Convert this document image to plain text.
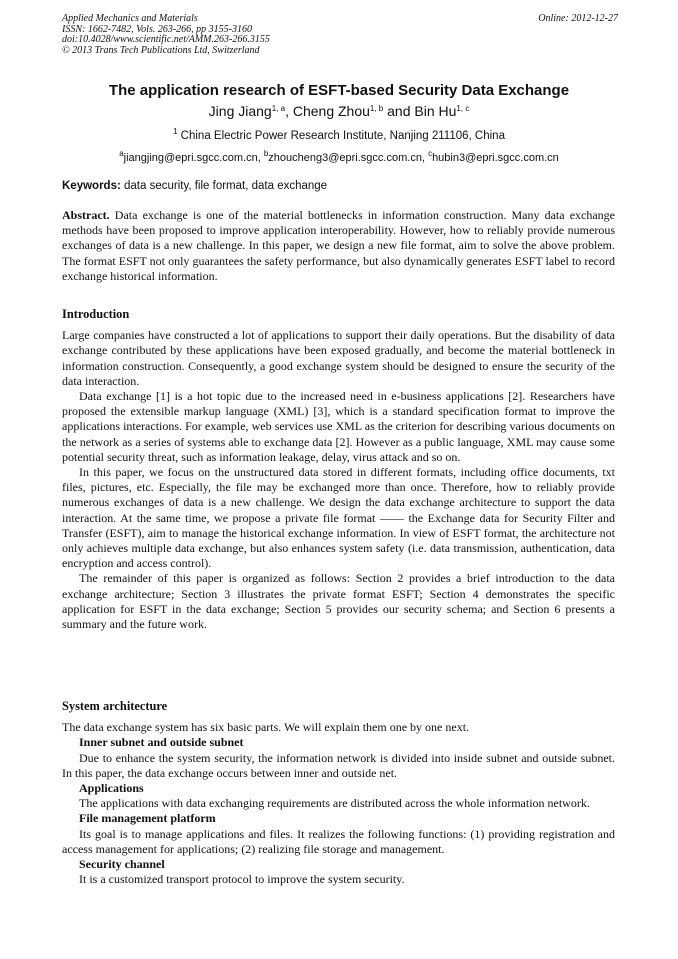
Applied Mechanics and Materials	Online: 2012-12-27
ISSN: 1662-7482, Vols. 263-266, pp 3155-3160
doi:10.4028/www.scientific.net/AMM.263-266.3155
© 2013 Trans Tech Publications Ltd, Switzerland
The application research of ESFT-based Security Data Exchange
Jing Jiang$^{1, a}$, Cheng Zhou$^{1, b}$ and Bin Hu$^{1, c}$
$^1$ China Electric Power Research Institute, Nanjing 211106, China
$^a$jiangjing@epri.sgcc.com.cn, $^b$zhoucheng3@epri.sgcc.com.cn, $^c$hubin3@epri.sgcc.com.cn
Keywords: data security, file format, data exchange

Abstract. Data exchange is one of the material bottlenecks in information construction. Many data exchange methods have been proposed to improve application interoperability. However, how to reliably provide numerous exchanges of data is a new challenge. In this paper, we design a new file format, aim to solve the above problem. The format ESFT not only guarantees the safety performance, but also dynamically generates ESFT label to record exchange historical information.

Introduction

Large companies have constructed a lot of applications to support their daily operations. But the disability of data exchange contributed by these applications have been exposed gradually, and become the material bottleneck in information construction. Consequently, a good exchange system should be designed to ensure the security of the data interaction.

Data exchange [1] is a hot topic due to the increased need in e-business applications [2]. Researchers have proposed the extensible markup language (XML) [3], which is a standard specification format to improve the applications interactions. For example, web services use XML as the criterion for describing various documents on the network as a series of systems able to exchange data [2]. However as a public language, XML may cause some potential security threat, such as information leakage, delay, virus attack and so on.

In this paper, we focus on the unstructured data stored in different formats, including office documents, txt files, pictures, etc. Especially, the file may be exchanged more than once. Therefore, how to reliably provide numerous exchanges of data is a new challenge. We design the data exchange architecture to support the data interaction. At the same time, we propose a private file format —— the Exchange data for Security Filter and Transfer (ESFT), aim to manage the historical exchange information. In view of ESFT format, the architecture not only achieves multiple data exchange, but also enhances system safety (i.e. data transmission, authentication, data encryption and access control).

The remainder of this paper is organized as follows: Section 2 provides a brief introduction to the data exchange architecture; Section 3 illustrates the private format ESFT; Section 4 demonstrates the specific application for ESFT in the data exchange; Section 5 provides our security schema; and Section 6 presents a summary and the future work.

System architecture

The data exchange system has six basic parts. We will explain them one by one next.

Inner subnet and outside subnet

Due to enhance the system security, the information network is divided into inside subnet and outside subnet. In this paper, the data exchange occurs between inner and outside net.

Applications

The applications with data exchanging requirements are distributed across the whole information network.

File management platform

Its goal is to manage applications and files. It realizes the following functions: (1) providing registration and access management for applications; (2) realizing file storage and management.

Security channel

It is a customized transport protocol to improve the system security.
